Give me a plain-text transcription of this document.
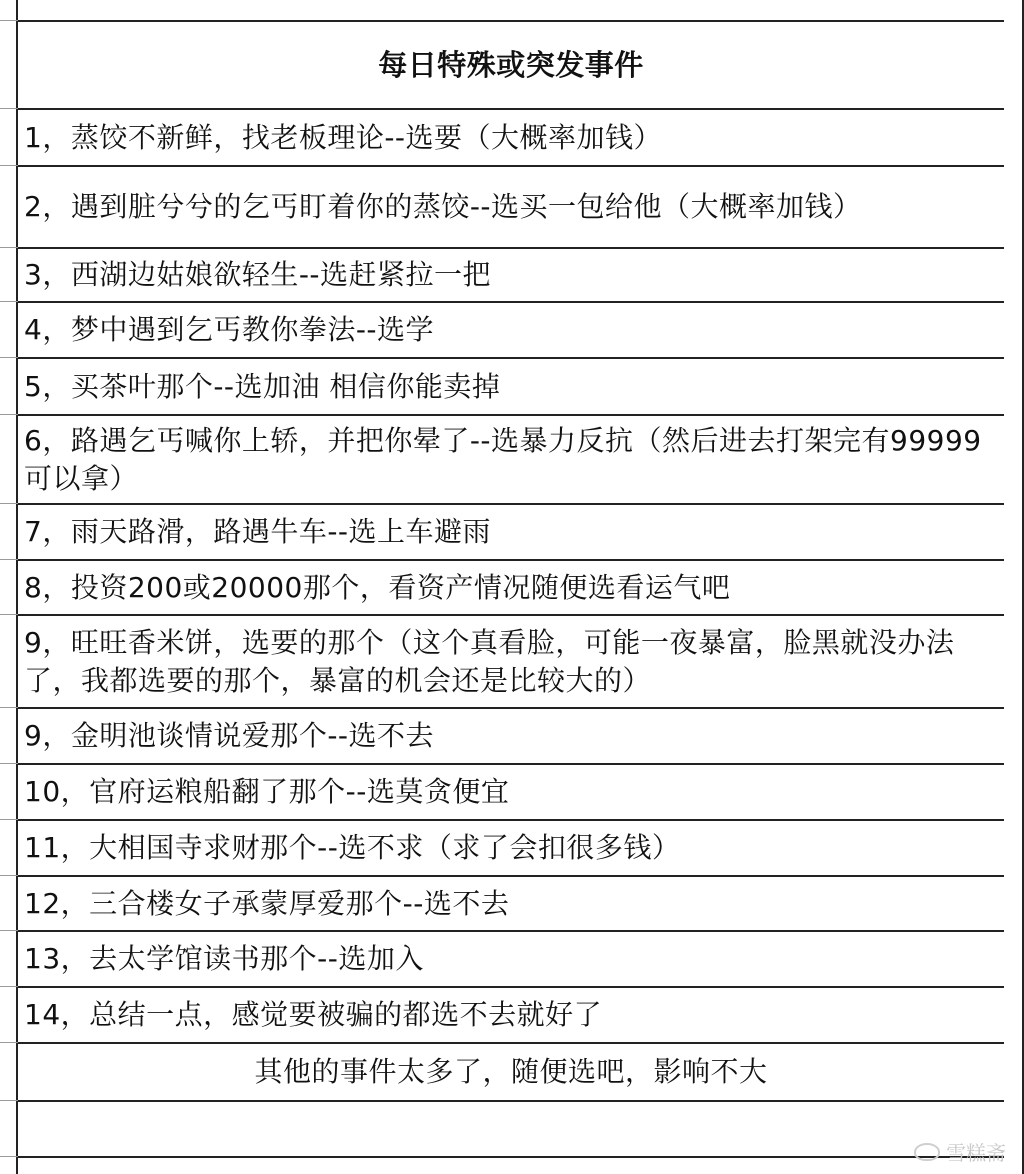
每日特殊或突发事件
1，蒸饺不新鲜，找老板理论--选要（大概率加钱）
2，遇到脏兮兮的乞丐盯着你的蒸饺--选买一包给他（大概率加钱）
3，西湖边姑娘欲轻生--选赶紧拉一把
4，梦中遇到乞丐教你拳法--选学
5，买茶叶那个--选加油 相信你能卖掉
6，路遇乞丐喊你上轿，并把你晕了--选暴力反抗（然后进去打架完有99999可以拿）
7，雨天路滑，路遇牛车--选上车避雨
8，投资200或20000那个，看资产情况随便选看运气吧
9，旺旺香米饼，选要的那个（这个真看脸，可能一夜暴富，脸黑就没办法了，我都选要的那个，暴富的机会还是比较大的）
9，金明池谈情说爱那个--选不去
10，官府运粮船翻了那个--选莫贪便宜
11，大相国寺求财那个--选不求（求了会扣很多钱）
12，三合楼女子承蒙厚爱那个--选不去
13，去太学馆读书那个--选加入
14，总结一点，感觉要被骗的都选不去就好了
其他的事件太多了，随便选吧，影响不大
雪糕斋
